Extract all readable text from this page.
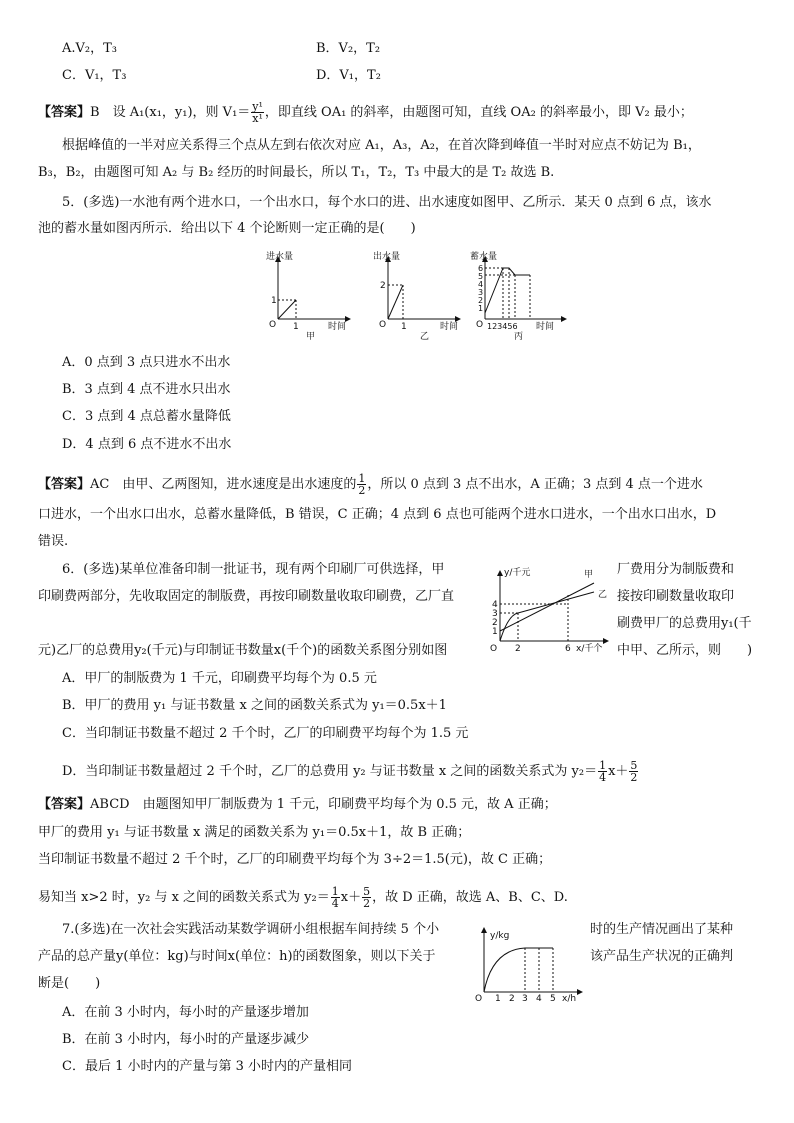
A.V₂，T₃	B．V₂，T₂
C．V₁，T₃	D．V₁，T₂
【答案】B　设 A₁(x₁，y₁)，则 $V_1= \frac{\text{y¹}}{\text{x¹}}$ ，即直线 OA₁ 的斜率，由题图可知，直线 OA₂ 的斜率最小，即 V₂ 最小；
根据峰值的一半对应关系得三个点从左到右依次对应 A₁，A₃，A₂，在首次降到峰值一半时对应点不妨记为 B₁，
B₃，B₂，由题图可知 A₂ 与 B₂ 经历的时间最长，所以 T₁，T₂，T₃ 中最大的是 T₂ 故选 B.
5．(多选)一水池有两个进水口，一个出水口，每个水口的进、出水速度如图甲、乙所示．某天 0 点到 6 点，该水
池的蓄水量如图丙所示．给出以下 4 个论断则一定正确的是(　　)
进水量
1
O 1	时间
甲
出水量
2
O 1	时间
乙
蓄水量
6
5
4
3
2
1
O 123456 时间
丙
A．0 点到 3 点只进水不出水
B．3 点到 4 点不进水只出水
C．3 点到 4 点总蓄水量降低
D．4 点到 6 点不进水不出水
【答案】AC　由甲、乙两图知，进水速度是出水速度的 $\frac{1}{2}$ ，所以 0 点到 3 点不出水，A 正确；3 点到 4 点一个进水
口进水，一个出水口出水，总蓄水量降低，B 错误，C 正确；4 点到 6 点也可能两个进水口进水，一个出水口出水，D
错误.
6．(多选)某单位准备印制一批证书，现有两个印刷厂可供选择，甲
印刷费两部分，先收取固定的制版费，再按印刷数量收取印刷费，乙厂直
元)乙厂的总费用y₂(千元)与印制证书数量x(千个)的函数关系图分别如图
厂费用分为制版费和
接按印刷数量收取印
刷费甲厂的总费用y₁(千
中甲、乙所示，则　　)
y/千元	甲
乙
4
3
2
1
O 2	6 x/千个
A．甲厂的制版费为 1 千元，印刷费平均每个为 0.5 元
B．甲厂的费用 y₁ 与证书数量 x 之间的函数关系式为 y₁＝0.5x＋1
C．当印制证书数量不超过 2 千个时，乙厂的印刷费平均每个为 1.5 元
D．当印制证书数量超过 2 千个时，乙厂的总费用 y₂ 与证书数量 x 之间的函数关系式为 $y_2= \frac{1}{4} x+ \frac{5}{2}$
【答案】ABCD　由题图知甲厂制版费为 1 千元，印刷费平均每个为 0.5 元，故 A 正确；
甲厂的费用 y₁ 与证书数量 x 满足的函数关系为 y₁＝0.5x＋1，故 B 正确；
当印制证书数量不超过 2 千个时，乙厂的印刷费平均每个为 3÷2＝1.5(元)，故 C 正确；
易知当 x>2 时，y₂ 与 x 之间的函数关系式为 $y_2= \frac{1}{4} x+ \frac{5}{2}$ ，故 D 正确，故选 A、B、C、D.
7.(多选)在一次社会实践活动某数学调研小组根据车间持续 5 个小
产品的总产量y(单位：kg)与时间x(单位：h)的函数图象，则以下关于
断是(　　)
时的生产情况画出了某种
该产品生产状况的正确判
y/kg
O 1 2 3 4 5 x/h
A．在前 3 小时内，每小时的产量逐步增加
B．在前 3 小时内，每小时的产量逐步减少
C．最后 1 小时内的产量与第 3 小时内的产量相同
